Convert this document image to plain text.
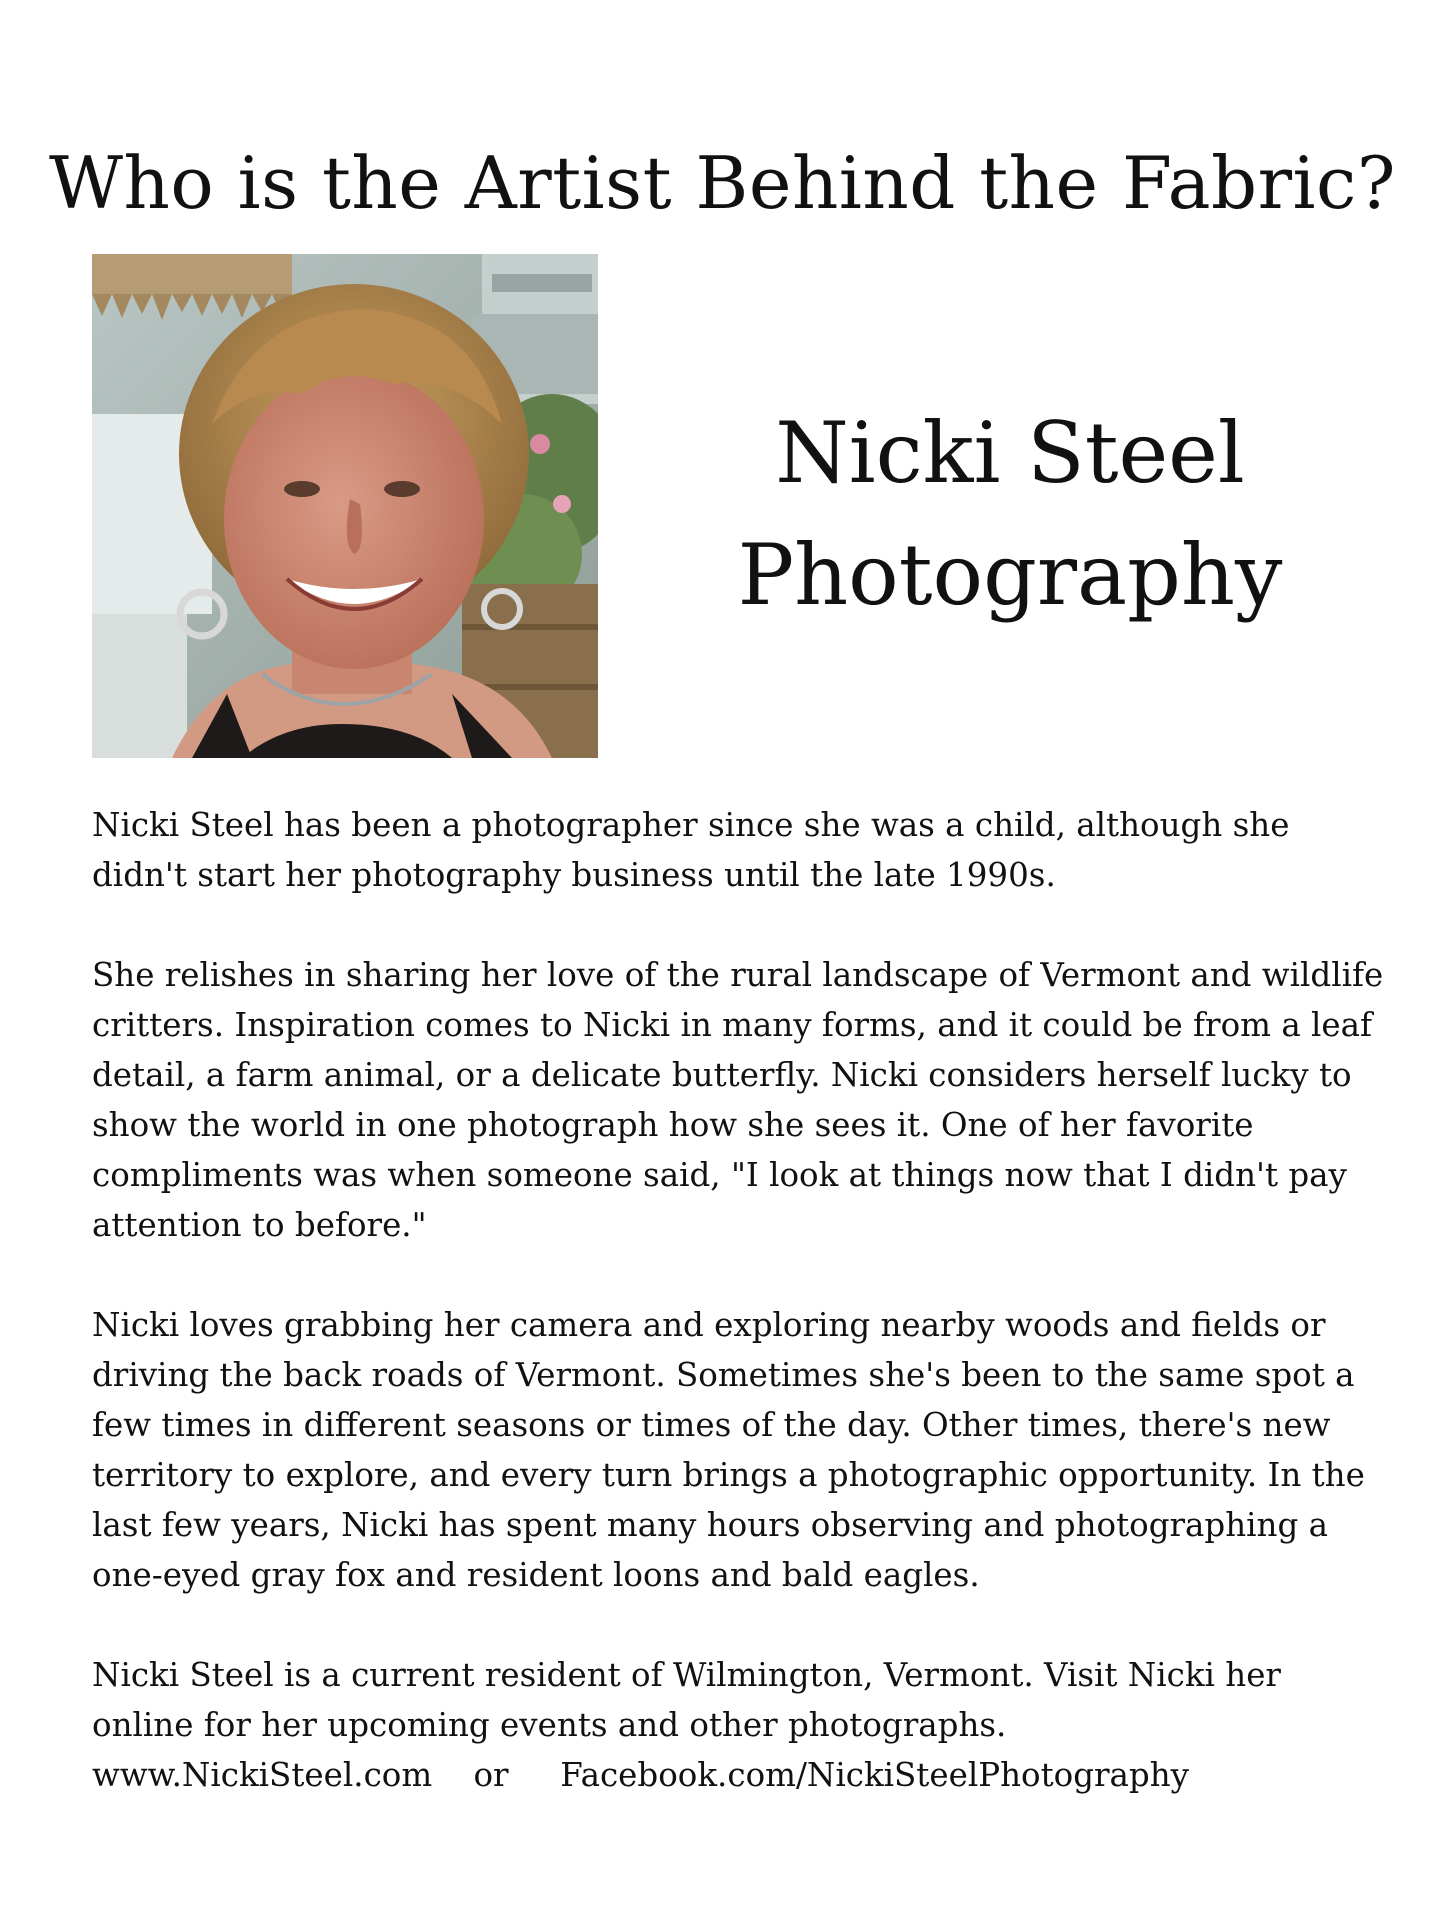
Who is the Artist Behind the Fabric?
Nicki Steel
Photography

Nicki Steel has been a photographer since she was a child, although she didn't start her photography business until the late 1990s.

She relishes in sharing her love of the rural landscape of Vermont and wildlife critters. Inspiration comes to Nicki in many forms, and it could be from a leaf detail, a farm animal, or a delicate butterfly. Nicki considers herself lucky to show the world in one photograph how she sees it. One of her favorite compliments was when someone said, "I look at things now that I didn't pay attention to before."

Nicki loves grabbing her camera and exploring nearby woods and fields or driving the back roads of Vermont. Sometimes she's been to the same spot a few times in different seasons or times of the day. Other times, there's new territory to explore, and every turn brings a photographic opportunity. In the last few years, Nicki has spent many hours observing and photographing a one-eyed gray fox and resident loons and bald eagles.

Nicki Steel is a current resident of Wilmington, Vermont. Visit Nicki her online for her upcoming events and other photographs.
www.NickiSteel.com or Facebook.com/NickiSteelPhotography
